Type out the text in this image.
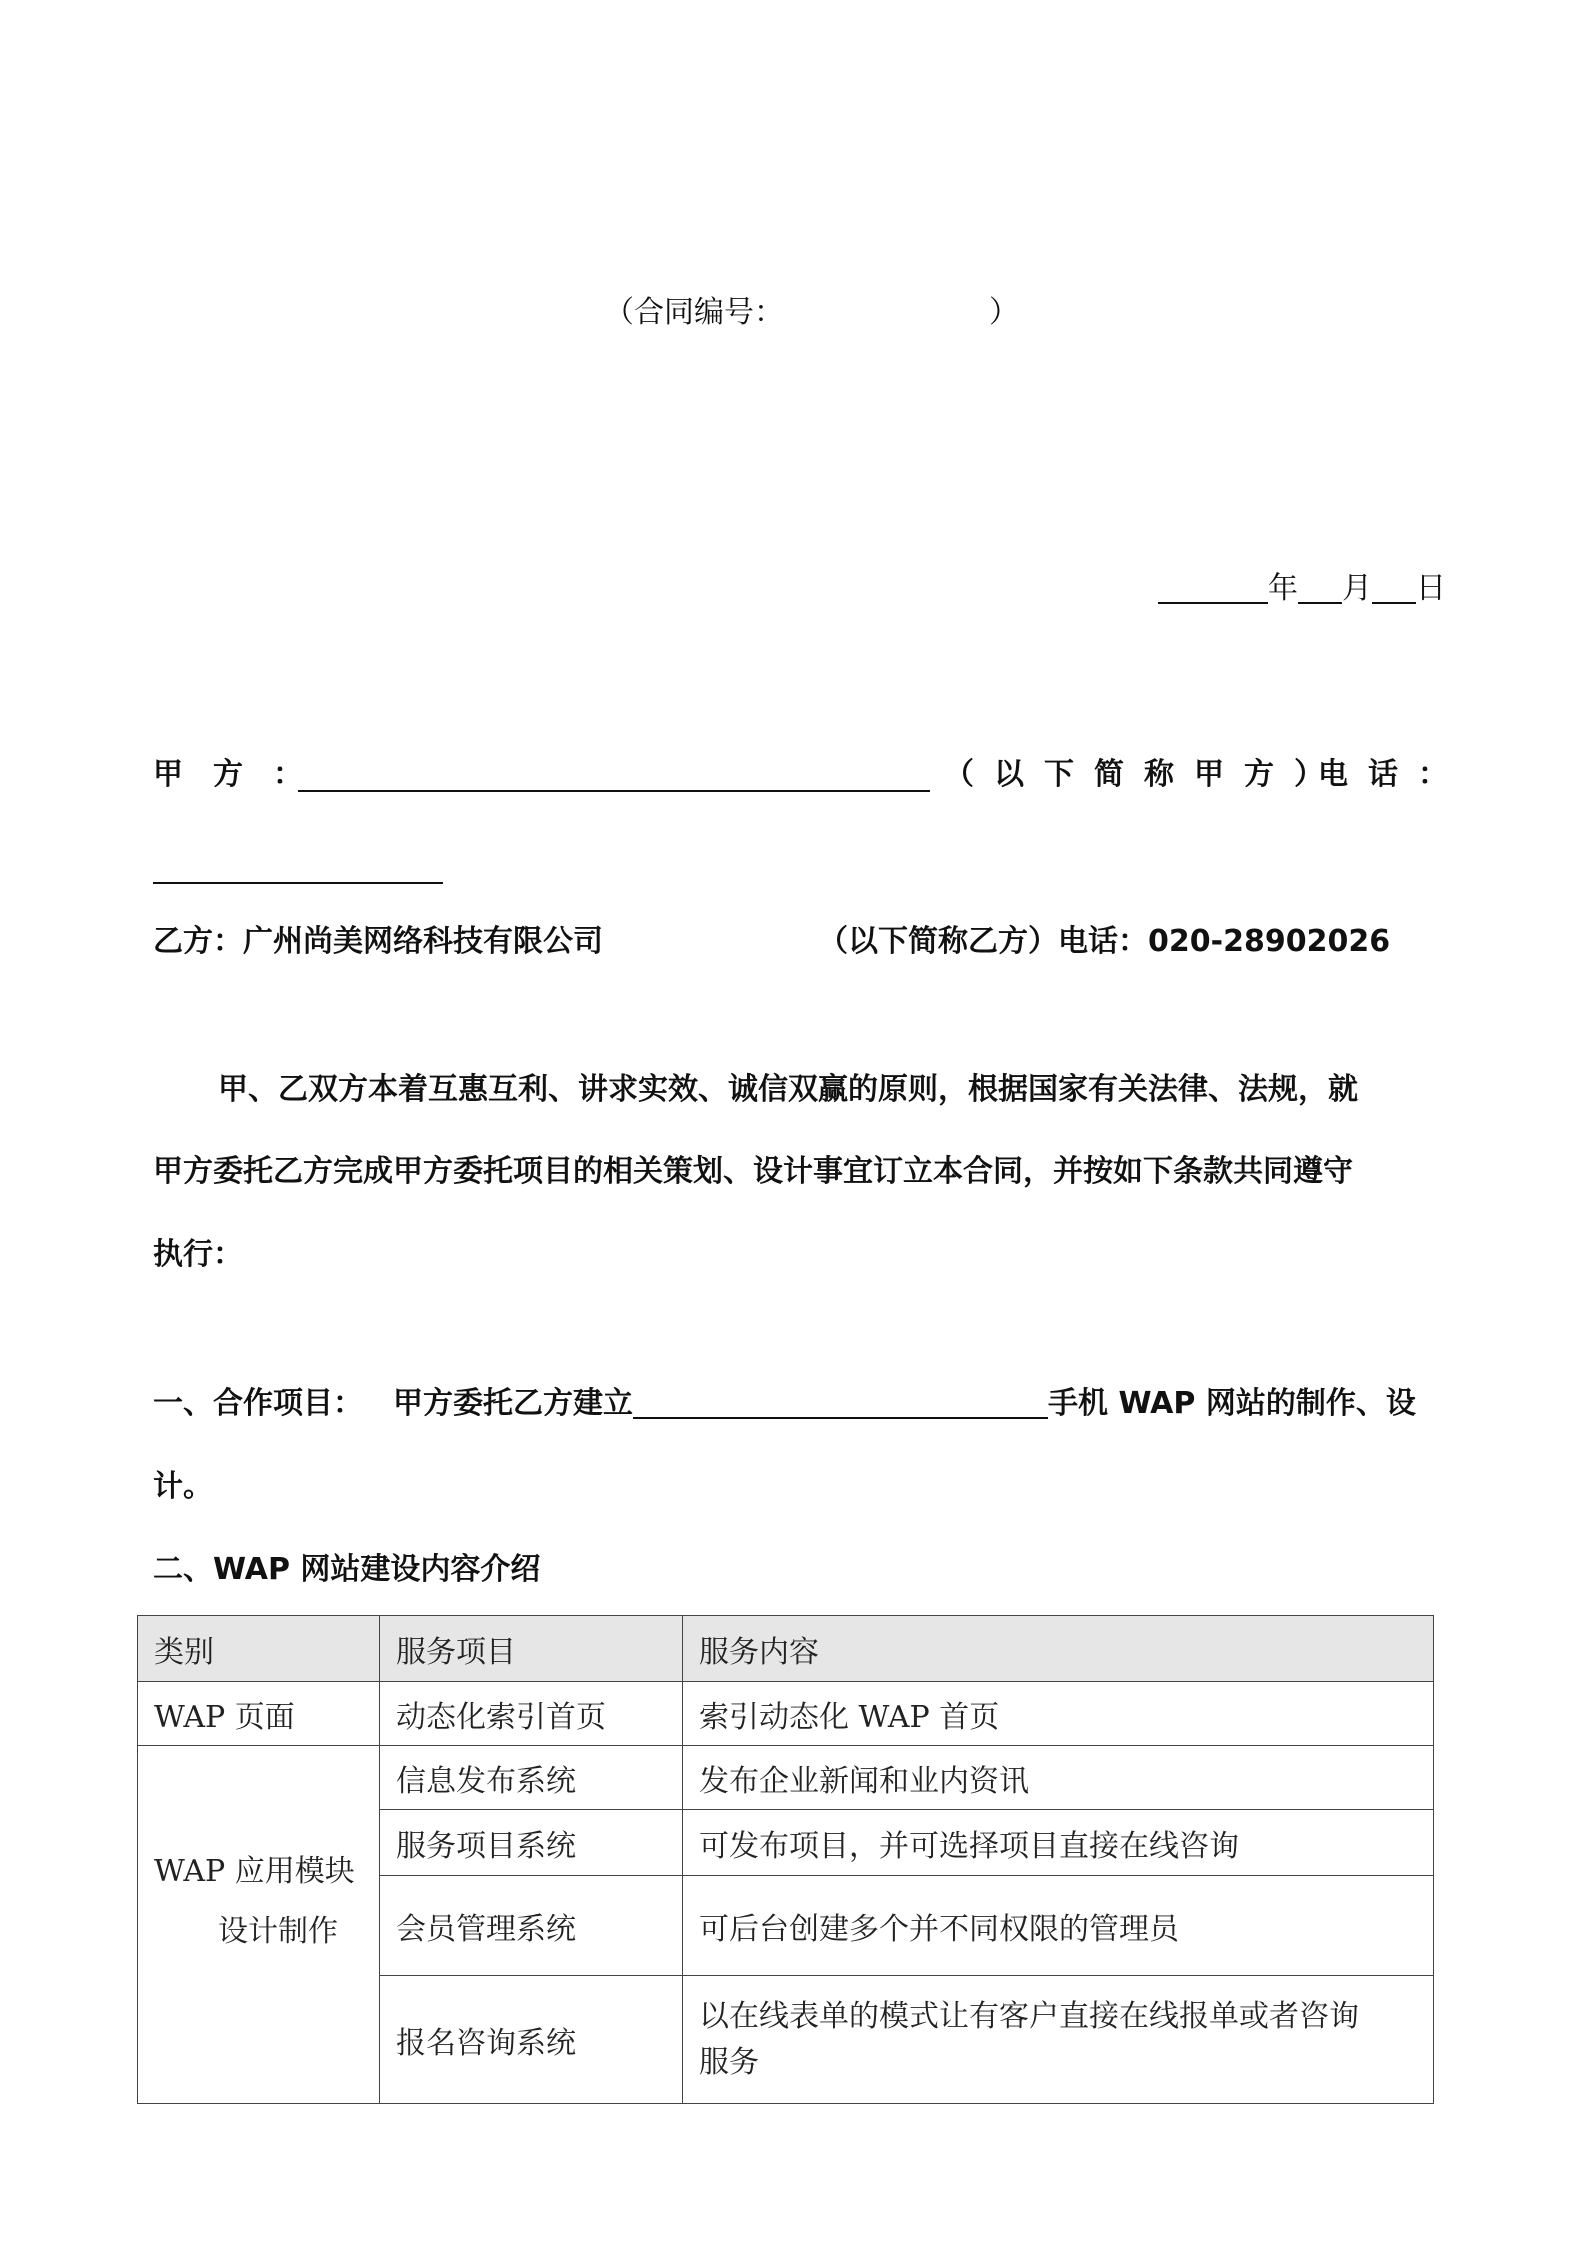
（合同编号：	）
年 月 日
甲　方　：	（以下简称甲方）
电话：
乙方：广州尚美网络科技有限公司	（以下简称乙方）电话：020-28902026
甲、乙双方本着互惠互利、讲求实效、诚信双赢的原则，根据国家有关法律、法规，就
甲方委托乙方完成甲方委托项目的相关策划、设计事宜订立本合同，并按如下条款共同遵守
执行：
一、合作项目： 甲方委托乙方建立	手机 WAP 网站的制作、设
计。
二、WAP 网站建设内容介绍
类别	服务项目	服务内容
WAP 页面	动态化索引首页	索引动态化 WAP 首页

WAP 应用模块
设计制作	信息发布系统	发布企业新闻和业内资讯
	服务项目系统	可发布项目，并可选择项目直接在线咨询
	会员管理系统	可后台创建多个并不同权限的管理员
	报名咨询系统	以在线表单的模式让有客户直接在线报单或者咨询
服务
